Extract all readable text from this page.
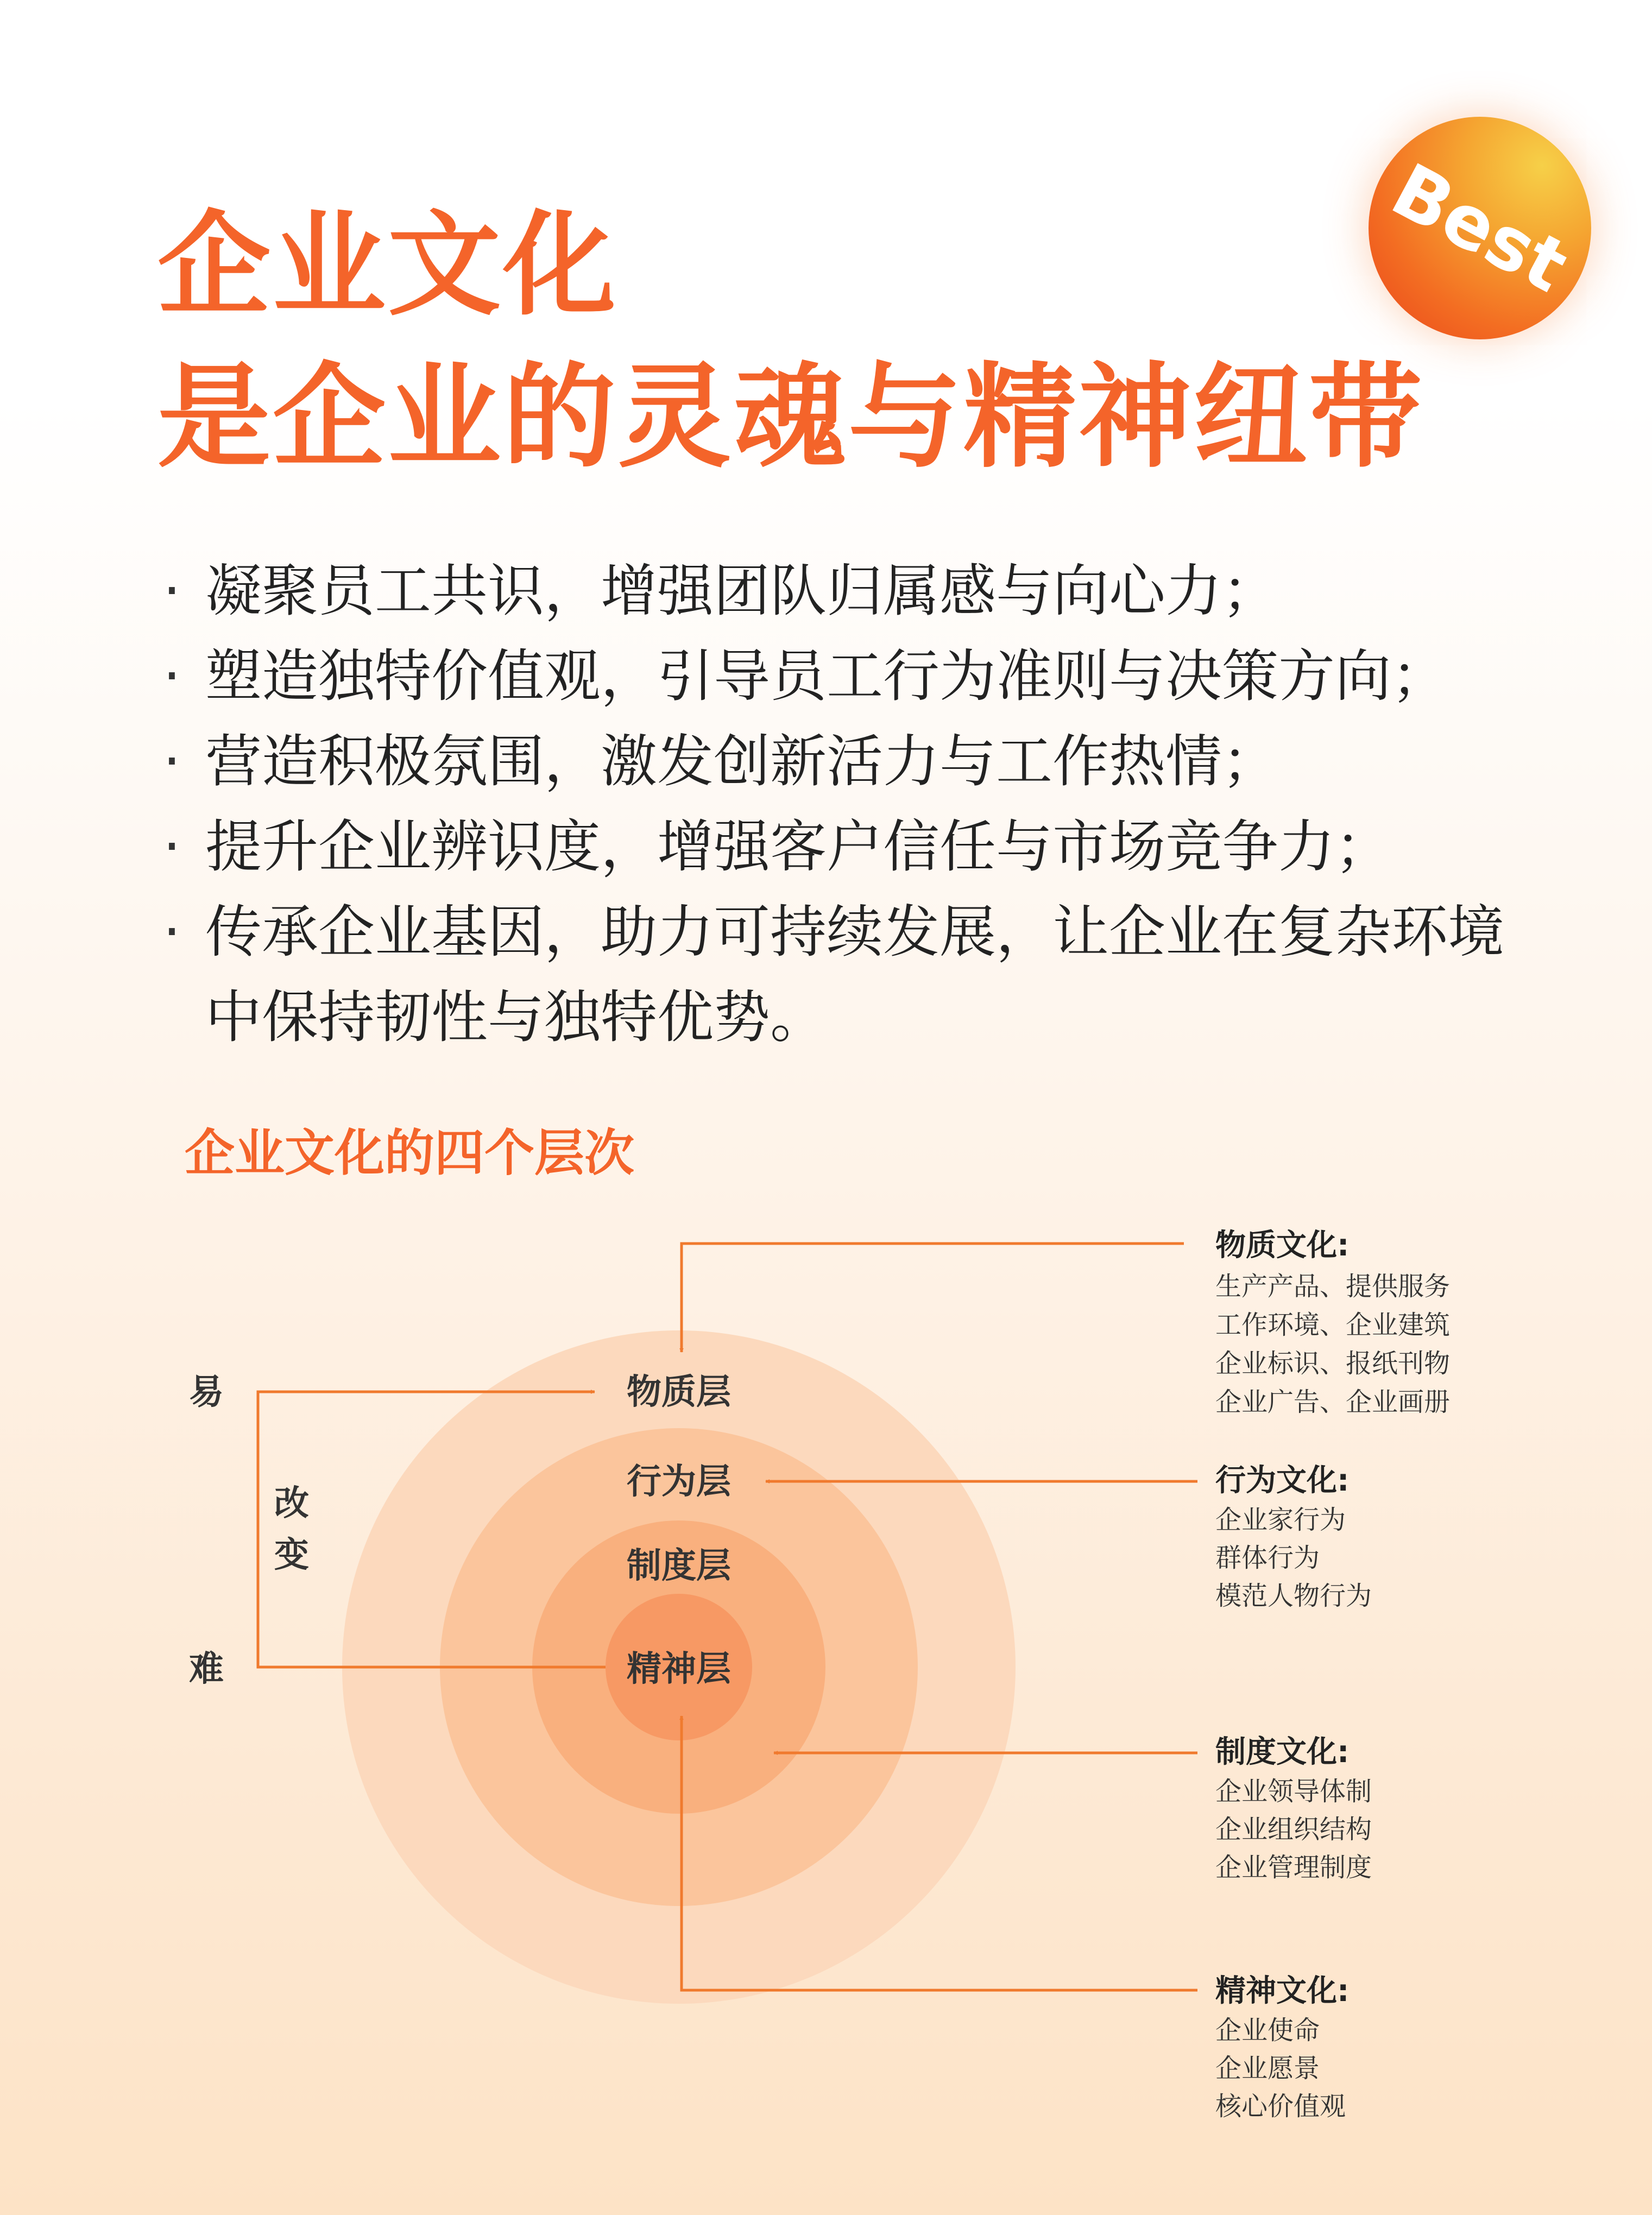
企业文化
是企业的灵魂与精神纽带
Best
· 凝聚员工共识，增强团队归属感与向心力；
· 塑造独特价值观，引导员工行为准则与决策方向；
· 营造积极氛围，激发创新活力与工作热情；
· 提升企业辨识度，增强客户信任与市场竞争力；
· 传承企业基因，助力可持续发展，让企业在复杂环境中保持韧性与独特优势。
企业文化的四个层次
物质层
行为层
制度层
精神层
易
改
变
难
物质文化:
生产产品、提供服务
工作环境、企业建筑
企业标识、报纸刊物
企业广告、企业画册
行为文化:
企业家行为
群体行为
模范人物行为
制度文化:
企业领导体制
企业组织结构
企业管理制度
精神文化:
企业使命
企业愿景
核心价值观
